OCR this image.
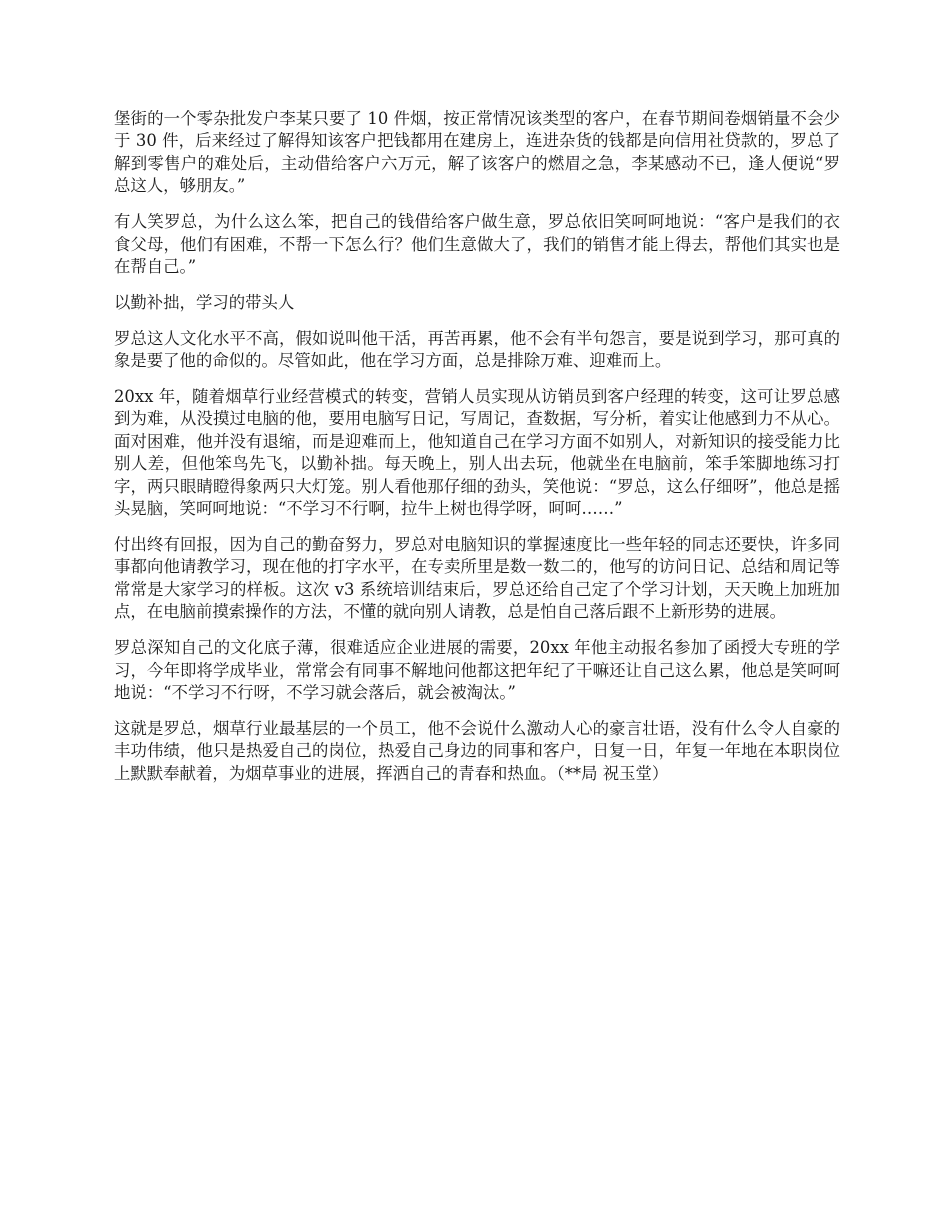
堡街的一个零杂批发户李某只要了 10 件烟，按正常情况该类型的客户，在春节期间卷烟销量不会少于 30 件，后来经过了解得知该客户把钱都用在建房上，连进杂货的钱都是向信用社贷款的，罗总了解到零售户的难处后，主动借给客户六万元，解了该客户的燃眉之急，李某感动不已，逢人便说“罗总这人，够朋友。”

有人笑罗总，为什么这么笨，把自己的钱借给客户做生意，罗总依旧笑呵呵地说：“客户是我们的衣食父母，他们有困难，不帮一下怎么行？他们生意做大了，我们的销售才能上得去，帮他们其实也是在帮自己。”

以勤补拙，学习的带头人

罗总这人文化水平不高，假如说叫他干活，再苦再累，他不会有半句怨言，要是说到学习，那可真的象是要了他的命似的。尽管如此，他在学习方面，总是排除万难、迎难而上。

20xx 年，随着烟草行业经营模式的转变，营销人员实现从访销员到客户经理的转变，这可让罗总感到为难，从没摸过电脑的他，要用电脑写日记，写周记，查数据，写分析，着实让他感到力不从心。面对困难，他并没有退缩，而是迎难而上，他知道自己在学习方面不如别人，对新知识的接受能力比别人差，但他笨鸟先飞，以勤补拙。每天晚上，别人出去玩，他就坐在电脑前，笨手笨脚地练习打字，两只眼睛瞪得象两只大灯笼。别人看他那仔细的劲头，笑他说：“罗总，这么仔细呀”，他总是摇头晃脑，笑呵呵地说：“不学习不行啊，拉牛上树也得学呀，呵呵……”

付出终有回报，因为自己的勤奋努力，罗总对电脑知识的掌握速度比一些年轻的同志还要快，许多同事都向他请教学习，现在他的打字水平，在专卖所里是数一数二的，他写的访问日记、总结和周记等常常是大家学习的样板。这次 v3 系统培训结束后，罗总还给自己定了个学习计划，天天晚上加班加点，在电脑前摸索操作的方法，不懂的就向别人请教，总是怕自己落后跟不上新形势的进展。

罗总深知自己的文化底子薄，很难适应企业进展的需要，20xx 年他主动报名参加了函授大专班的学习，今年即将学成毕业，常常会有同事不解地问他都这把年纪了干嘛还让自己这么累，他总是笑呵呵地说：“不学习不行呀，不学习就会落后，就会被淘汰。”

这就是罗总，烟草行业最基层的一个员工，他不会说什么激动人心的豪言壮语，没有什么令人自豪的丰功伟绩，他只是热爱自己的岗位，热爱自己身边的同事和客户，日复一日，年复一年地在本职岗位上默默奉献着，为烟草事业的进展，挥洒自己的青春和热血。（**局 祝玉堂）
